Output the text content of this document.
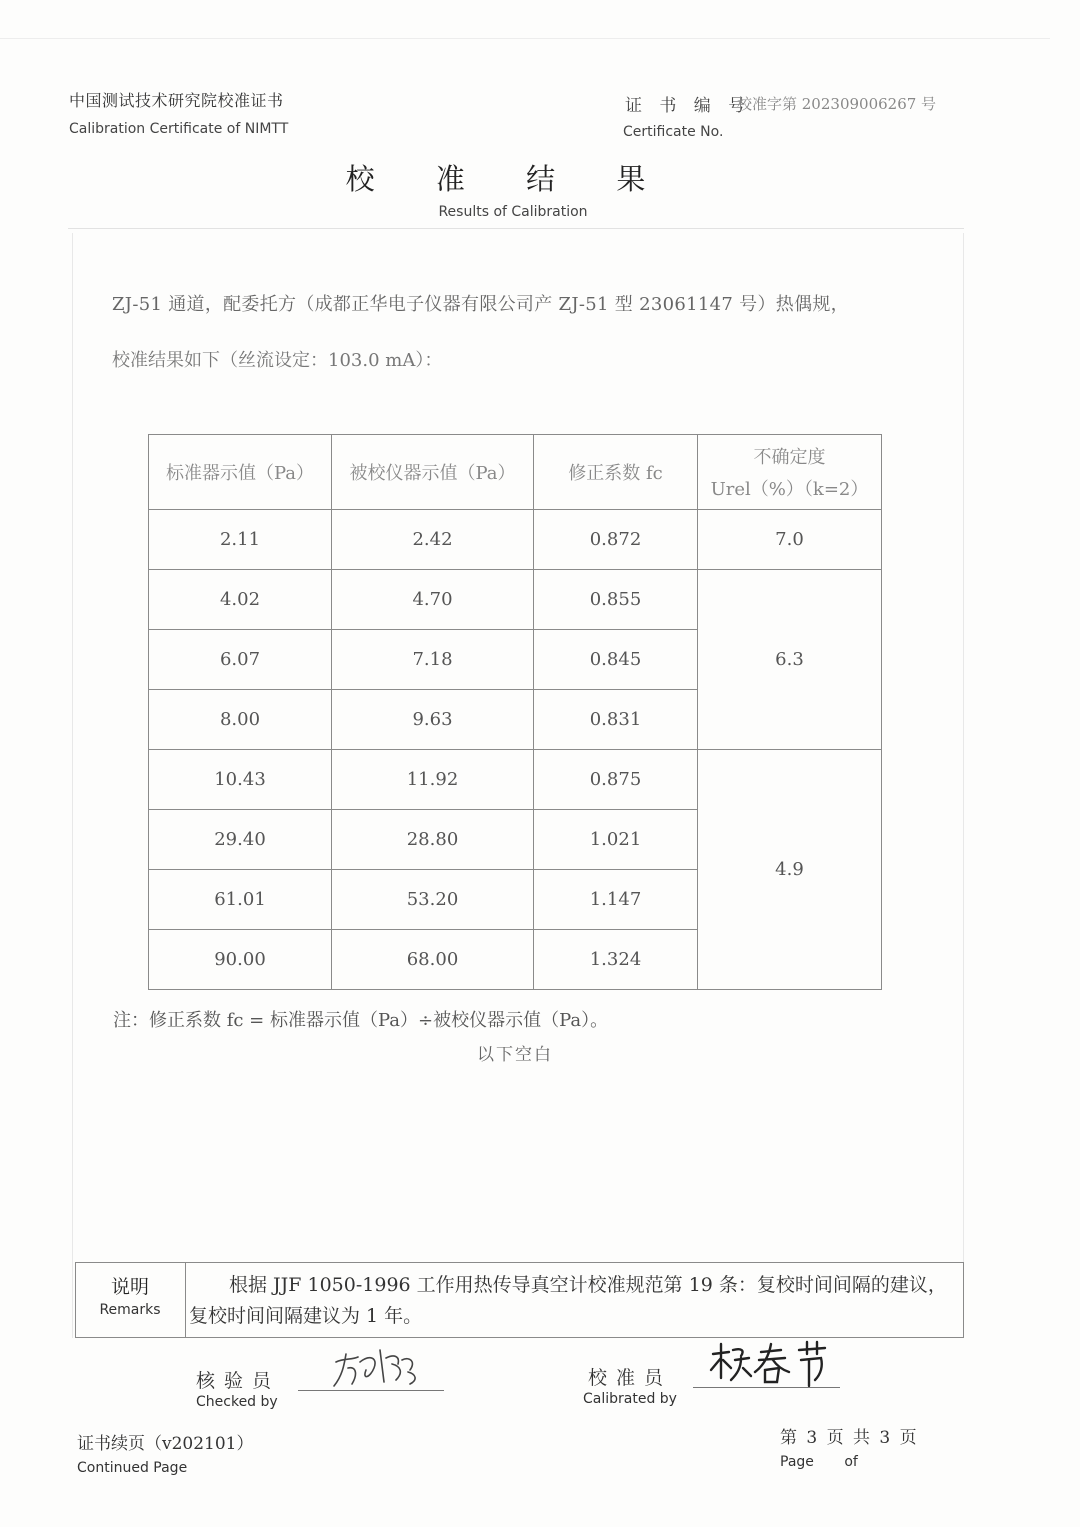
中国测试技术研究院校准证书
Calibration Certificate of NIMTT
证 书 编 号
校准字第 202309006267 号
Certificate No.
校 准 结 果
Results of Calibration
ZJ-51 通道，配委托方（成都正华电子仪器有限公司产 ZJ-51 型 23061147 号）热偶规，
校准结果如下（丝流设定：103.0 mA）：
标准器示值（Pa）	被校仪器示值（Pa）	修正系数 fc	不确定度
Urel（%）（k=2）

2.11	2.42	0.872	7.0
4.02	4.70	0.855	6.3
6.07	7.18	0.845	
8.00	9.63	0.831	
10.43	11.92	0.875	4.9
29.40	28.80	1.021	
61.01	53.20	1.147	
90.00	68.00	1.324	
注：修正系数 fc = 标准器示值（Pa）÷被校仪器示值（Pa）。
以下空白
说明
Remarks
根据 JJF 1050-1996 工作用热传导真空计校准规范第 19 条：复校时间间隔的建议，
复校时间间隔建议为 1 年。
核验员
Checked by
校准员
Calibrated by
证书续页（v202101）
Continued Page
第 3 页 共 3 页
Page of
